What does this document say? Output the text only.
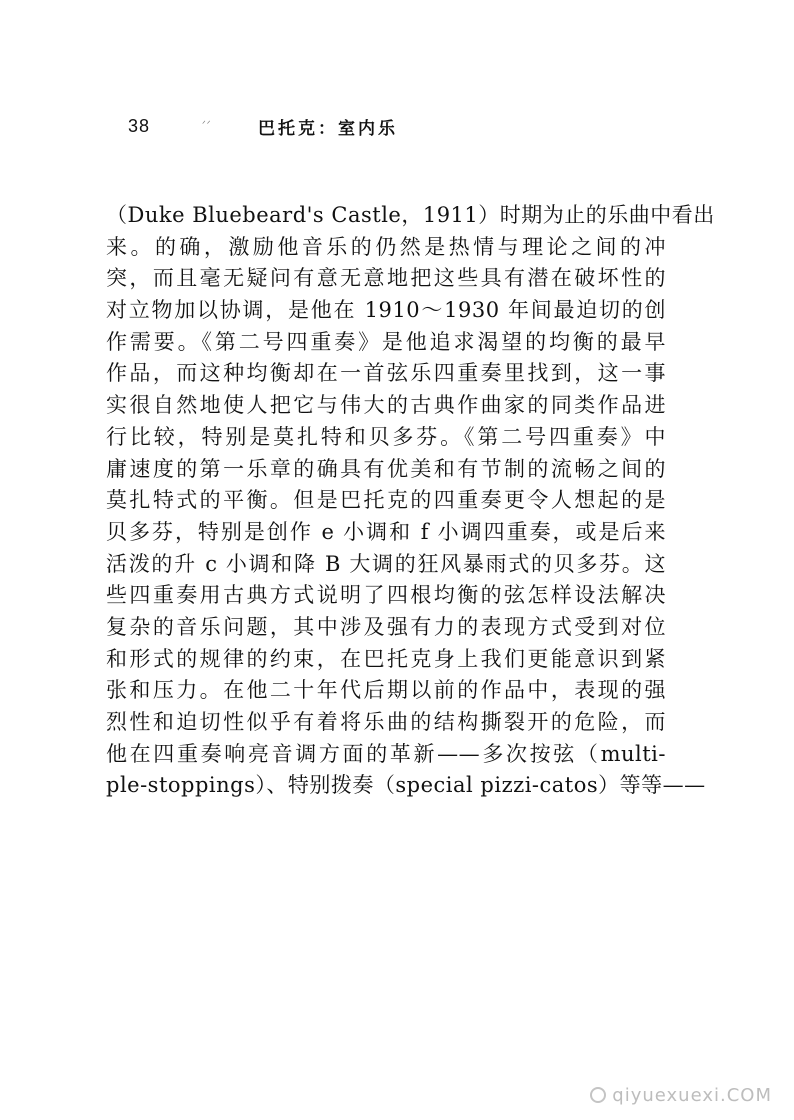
38	ᐟᐟ	巴托克：室内乐
（Duke Bluebeard's Castle，1911）时期为止的乐曲中看出
来。的确，激励他音乐的仍然是热情与理论之间的冲
突，而且毫无疑问有意无意地把这些具有潜在破坏性的
对立物加以协调，是他在 1910～1930 年间最迫切的创
作需要。《第二号四重奏》是他追求渴望的均衡的最早
作品，而这种均衡却在一首弦乐四重奏里找到，这一事
实很自然地使人把它与伟大的古典作曲家的同类作品进
行比较，特别是莫扎特和贝多芬。《第二号四重奏》中
庸速度的第一乐章的确具有优美和有节制的流畅之间的
莫扎特式的平衡。但是巴托克的四重奏更令人想起的是
贝多芬，特别是创作 e 小调和 f 小调四重奏，或是后来
活泼的升 c 小调和降 B 大调的狂风暴雨式的贝多芬。这
些四重奏用古典方式说明了四根均衡的弦怎样设法解决
复杂的音乐问题，其中涉及强有力的表现方式受到对位
和形式的规律的约束，在巴托克身上我们更能意识到紧
张和压力。在他二十年代后期以前的作品中，表现的强
烈性和迫切性似乎有着将乐曲的结构撕裂开的危险，而
他在四重奏响亮音调方面的革新——多次按弦（multi-
ple-stoppings）、特别拨奏（special pizzi-catos）等等——
qiyuexuexi.COM
